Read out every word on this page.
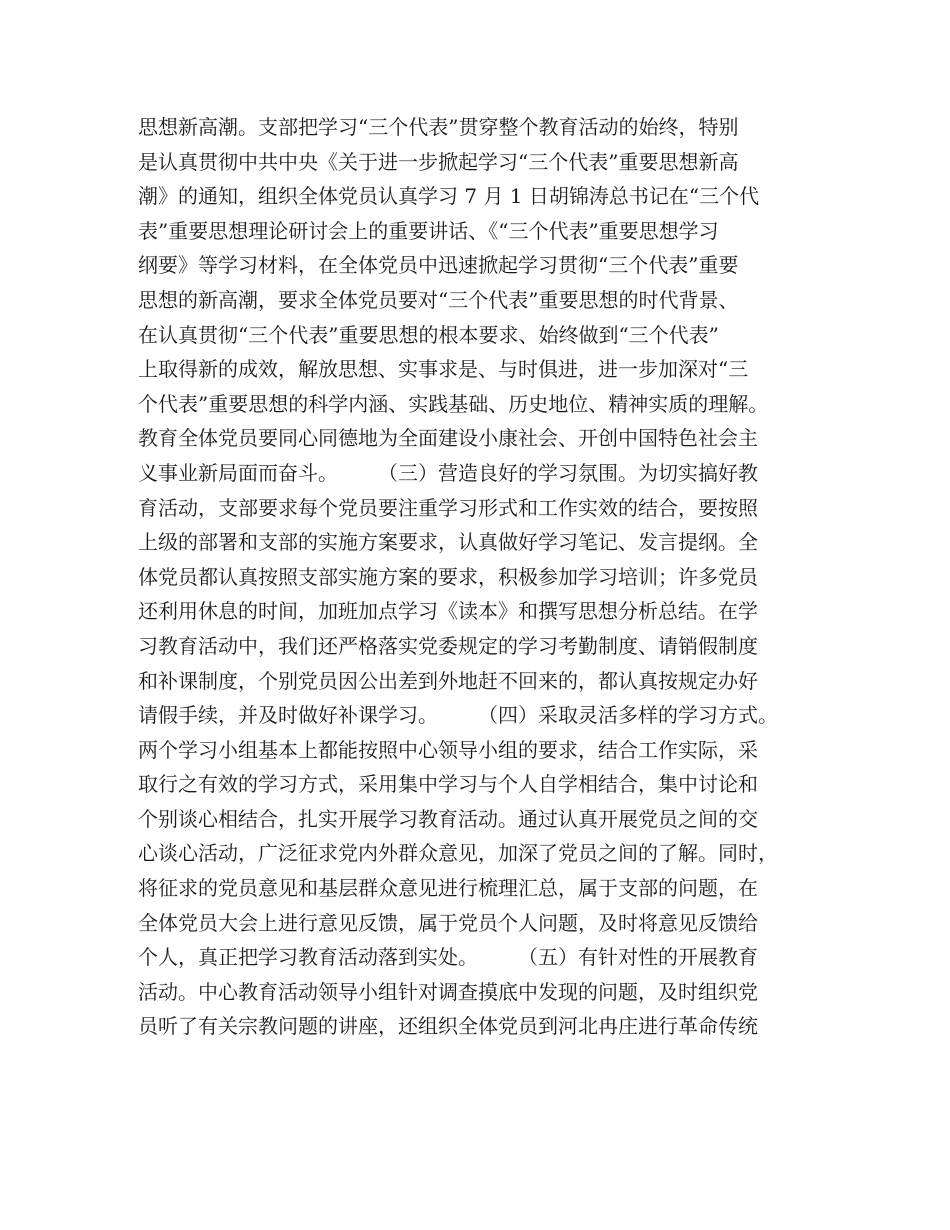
思想新高潮。支部把学习“三个代表”贯穿整个教育活动的始终，特别
是认真贯彻中共中央《关于进一步掀起学习“三个代表”重要思想新高
潮》的通知，组织全体党员认真学习 7 月 1 日胡锦涛总书记在“三个代
表”重要思想理论研讨会上的重要讲话、《“三个代表”重要思想学习
纲要》等学习材料，在全体党员中迅速掀起学习贯彻“三个代表”重要
思想的新高潮，要求全体党员要对“三个代表”重要思想的时代背景、
在认真贯彻“三个代表”重要思想的根本要求、始终做到“三个代表”
上取得新的成效，解放思想、实事求是、与时俱进，进一步加深对“三
个代表”重要思想的科学内涵、实践基础、历史地位、精神实质的理解。
教育全体党员要同心同德地为全面建设小康社会、开创中国特色社会主
义事业新局面而奋斗。　　　（三）营造良好的学习氛围。为切实搞好教
育活动，支部要求每个党员要注重学习形式和工作实效的结合，要按照
上级的部署和支部的实施方案要求，认真做好学习笔记、发言提纲。全
体党员都认真按照支部实施方案的要求，积极参加学习培训；许多党员
还利用休息的时间，加班加点学习《读本》和撰写思想分析总结。在学
习教育活动中，我们还严格落实党委规定的学习考勤制度、请销假制度
和补课制度，个别党员因公出差到外地赶不回来的，都认真按规定办好
请假手续，并及时做好补课学习。　　　（四）采取灵活多样的学习方式。
两个学习小组基本上都能按照中心领导小组的要求，结合工作实际，采
取行之有效的学习方式，采用集中学习与个人自学相结合，集中讨论和
个别谈心相结合，扎实开展学习教育活动。通过认真开展党员之间的交
心谈心活动，广泛征求党内外群众意见，加深了党员之间的了解。同时，
将征求的党员意见和基层群众意见进行梳理汇总，属于支部的问题，在
全体党员大会上进行意见反馈，属于党员个人问题，及时将意见反馈给
个人，真正把学习教育活动落到实处。　　　（五）有针对性的开展教育
活动。中心教育活动领导小组针对调查摸底中发现的问题，及时组织党
员听了有关宗教问题的讲座，还组织全体党员到河北冉庄进行革命传统
